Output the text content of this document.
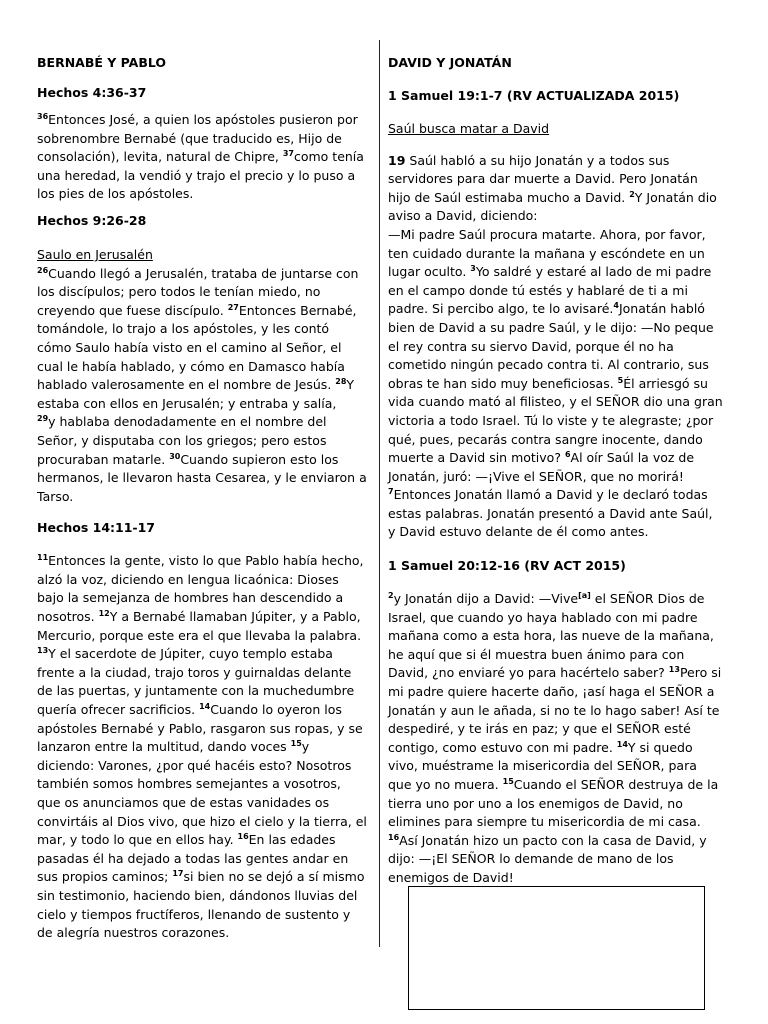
BERNABÉ Y PABLO

Hechos 4:36-37

$^{36}$Entonces José, a quien los apóstoles pusieron por sobrenombre Bernabé (que traducido es, Hijo de consolación), levita, natural de Chipre, $^{37}$como tenía una heredad, la vendió y trajo el precio y lo puso a los pies de los apóstoles.

Hechos 9:26-28

Saulo en Jerusalén

$^{26}$Cuando llegó a Jerusalén, trataba de juntarse con los discípulos; pero todos le tenían miedo, no creyendo que fuese discípulo. $^{27}$Entonces Bernabé, tomándole, lo trajo a los apóstoles, y les contó cómo Saulo había visto en el camino al Señor, el cual le había hablado, y cómo en Damasco había hablado valerosamente en el nombre de Jesús. $^{28}$Y estaba con ellos en Jerusalén; y entraba y salía,

$^{29}$y hablaba denodadamente en el nombre del Señor, y disputaba con los griegos; pero estos procuraban matarle. $^{30}$Cuando supieron esto los hermanos, le llevaron hasta Cesarea, y le enviaron a Tarso.

Hechos 14:11-17

$^{11}$Entonces la gente, visto lo que Pablo había hecho, alzó la voz, diciendo en lengua licaónica: Dioses bajo la semejanza de hombres han descendido a nosotros. $^{12}$Y a Bernabé llamaban Júpiter, y a Pablo, Mercurio, porque este era el que llevaba la palabra. $^{13}$Y el sacerdote de Júpiter, cuyo templo estaba frente a la ciudad, trajo toros y guirnaldas delante de las puertas, y juntamente con la muchedumbre quería ofrecer sacrificios. $^{14}$Cuando lo oyeron los apóstoles Bernabé y Pablo, rasgaron sus ropas, y se lanzaron entre la multitud, dando voces $^{15}$y diciendo: Varones, ¿por qué hacéis esto? Nosotros también somos hombres semejantes a vosotros, que os anunciamos que de estas vanidades os convirtáis al Dios vivo, que hizo el cielo y la tierra, el mar, y todo lo que en ellos hay. $^{16}$En las edades pasadas él ha dejado a todas las gentes andar en sus propios caminos; $^{17}$si bien no se dejó a sí mismo sin testimonio, haciendo bien, dándonos lluvias del cielo y tiempos fructíferos, llenando de sustento y de alegría nuestros corazones.

DAVID Y JONATÁN

1 Samuel 19:1-7 (RV ACTUALIZADA 2015)

Saúl busca matar a David

19 Saúl habló a su hijo Jonatán y a todos sus servidores para dar muerte a David. Pero Jonatán hijo de Saúl estimaba mucho a David. $^2$Y Jonatán dio aviso a David, diciendo:

—Mi padre Saúl procura matarte. Ahora, por favor, ten cuidado durante la mañana y escóndete en un lugar oculto. $^3$Yo saldré y estaré al lado de mi padre en el campo donde tú estés y hablaré de ti a mi padre. Si percibo algo, te lo avisaré.$^4$Jonatán habló bien de David a su padre Saúl, y le dijo: —No peque el rey contra su siervo David, porque él no ha cometido ningún pecado contra ti. Al contrario, sus obras te han sido muy beneficiosas. $^5$Él arriesgó su vida cuando mató al filisteo, y el SEÑOR dio una gran victoria a todo Israel. Tú lo viste y te alegraste; ¿por qué, pues, pecarás contra sangre inocente, dando muerte a David sin motivo? $^6$Al oír Saúl la voz de Jonatán, juró: —¡Vive el SEÑOR, que no morirá!

$^7$Entonces Jonatán llamó a David y le declaró todas estas palabras. Jonatán presentó a David ante Saúl, y David estuvo delante de él como antes.

1 Samuel 20:12-16 (RV ACT 2015)

$^2$y Jonatán dijo a David: —Vive[a] el SEÑOR Dios de Israel, que cuando yo haya hablado con mi padre mañana como a esta hora, las nueve de la mañana, he aquí que si él muestra buen ánimo para con David, ¿no enviaré yo para hacértelo saber? $^{13}$Pero si mi padre quiere hacerte daño, ¡así haga el SEÑOR a Jonatán y aun le añada, si no te lo hago saber! Así te despediré, y te irás en paz; y que el SEÑOR esté contigo, como estuvo con mi padre. $^{14}$Y si quedo vivo, muéstrame la misericordia del SEÑOR, para que yo no muera. $^{15}$Cuando el SEÑOR destruya de la tierra uno por uno a los enemigos de David, no elimines para siempre tu misericordia de mi casa.

$^{16}$Así Jonatán hizo un pacto con la casa de David, y dijo: —¡El SEÑOR lo demande de mano de los enemigos de David!
